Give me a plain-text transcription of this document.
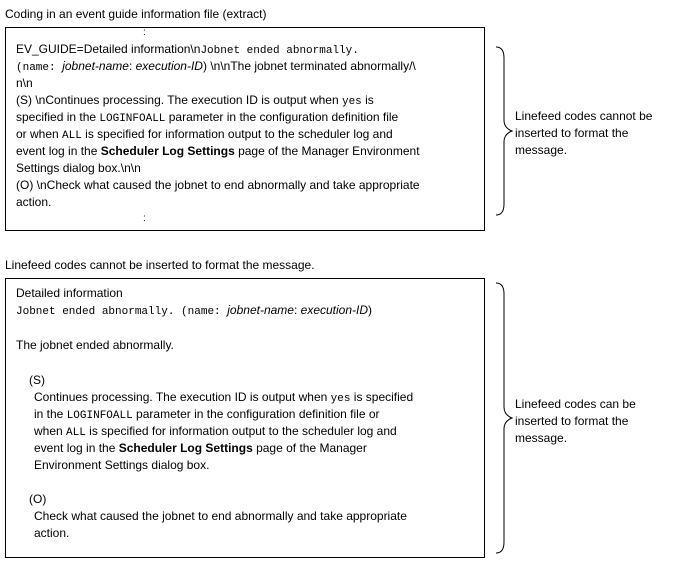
Coding in an event guide information file (extract)
:
EV_GUIDE=Detailed information\nJobnet ended abnormally.
(name: jobnet-name: execution-ID) \n\nThe jobnet terminated abnormally/\
n\n
(S) \nContinues processing. The execution ID is output when yes is
specified in the LOGINFOALL parameter in the configuration definition file
or when ALL is specified for information output to the scheduler log and
event log in the Scheduler Log Settings page of the Manager Environment
Settings dialog box.\n\n
(O) \nCheck what caused the jobnet to end abnormally and take appropriate
action.
:
Linefeed codes cannot be
inserted to format the
message.
Linefeed codes cannot be inserted to format the message.
Detailed information
Jobnet ended abnormally. (name: jobnet-name: execution-ID)
The jobnet ended abnormally.
(S)
Continues processing. The execution ID is output when yes is specified
in the LOGINFOALL parameter in the configuration definition file or
when ALL is specified for information output to the scheduler log and
event log in the Scheduler Log Settings page of the Manager
Environment Settings dialog box.
(O)
Check what caused the jobnet to end abnormally and take appropriate
action.
Linefeed codes can be
inserted to format the
message.
